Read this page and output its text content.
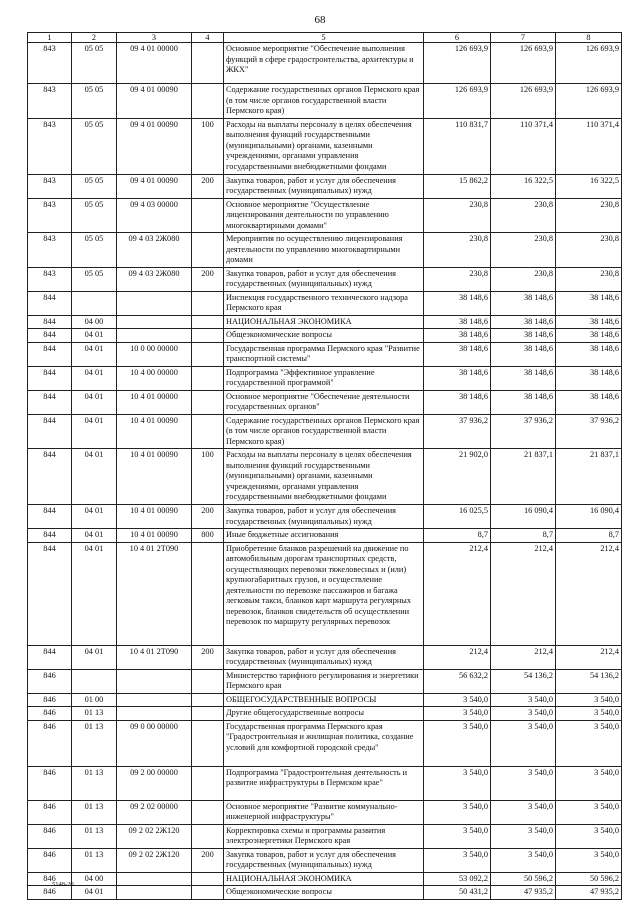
68
1	2	3	4	5	6	7	8
843	05 05	09 4 01 00000		Основное мероприятие "Обеспечение выполнения функций в сфере градостроительства, архитектуры и ЖКХ"	126 693,9	126 693,9	126 693,9
843	05 05	09 4 01 00090		Содержание государственных органов Пермского края (в том числе органов государственной власти Пермского края)	126 693,9	126 693,9	126 693,9
843	05 05	09 4 01 00090	100	Расходы на выплаты персоналу в целях обеспечения выполнения функций государственными (муниципальными) органами, казенными учреждениями, органами управления государственными внебюджетными фондами	110 831,7	110 371,4	110 371,4
843	05 05	09 4 01 00090	200	Закупка товаров, работ и услуг для обеспечения государственных (муниципальных) нужд	15 862,2	16 322,5	16 322,5
843	05 05	09 4 03 00000		Основное мероприятие "Осуществление лицензирования деятельности по управлению многоквартирными домами"	230,8	230,8	230,8
843	05 05	09 4 03 2Ж080		Мероприятия по осуществлению лицензирования деятельности по управлению многоквартирными домами	230,8	230,8	230,8
843	05 05	09 4 03 2Ж080	200	Закупка товаров, работ и услуг для обеспечения государственных (муниципальных) нужд	230,8	230,8	230,8
844				Инспекция государственного технического надзора Пермского края	38 148,6	38 148,6	38 148,6
844	04 00			НАЦИОНАЛЬНАЯ ЭКОНОМИКА	38 148,6	38 148,6	38 148,6
844	04 01			Общеэкономические вопросы	38 148,6	38 148,6	38 148,6
844	04 01	10 0 00 00000		Государственная программа Пермского края "Развитие транспортной системы"	38 148,6	38 148,6	38 148,6
844	04 01	10 4 00 00000		Подпрограмма "Эффективное управление государственной программой"	38 148,6	38 148,6	38 148,6
844	04 01	10 4 01 00000		Основное мероприятие "Обеспечение деятельности государственных органов"	38 148,6	38 148,6	38 148,6
844	04 01	10 4 01 00090		Содержание государственных органов Пермского края (в том числе органов государственной власти Пермского края)	37 936,2	37 936,2	37 936,2
844	04 01	10 4 01 00090	100	Расходы на выплаты персоналу в целях обеспечения выполнения функций государственными (муниципальными) органами, казенными учреждениями, органами управления государственными внебюджетными фондами	21 902,0	21 837,1	21 837,1
844	04 01	10 4 01 00090	200	Закупка товаров, работ и услуг для обеспечения государственных (муниципальных) нужд	16 025,5	16 090,4	16 090,4
844	04 01	10 4 01 00090	800	Иные бюджетные ассигнования	8,7	8,7	8,7
844	04 01	10 4 01 2Т090		Приобретение бланков разрешений на движение по автомобильным дорогам транспортных средств, осуществляющих перевозки тяжеловесных и (или) крупногабаритных грузов, и осуществление деятельности по перевозке пассажиров и багажа легковым такси, бланков карт маршрута регулярных перевозок, бланков свидетельств об осуществлении перевозок по маршруту регулярных перевозок	212,4	212,4	212,4
844	04 01	10 4 01 2Т090	200	Закупка товаров, работ и услуг для обеспечения государственных (муниципальных) нужд	212,4	212,4	212,4
846				Министерство тарифного регулирования и энергетики Пермского края	56 632,2	54 136,2	54 136,2
846	01 00			ОБЩЕГОСУДАРСТВЕННЫЕ ВОПРОСЫ	3 540,0	3 540,0	3 540,0
846	01 13			Другие общегосударственные вопросы	3 540,0	3 540,0	3 540,0
846	01 13	09 0 00 00000		Государственная программа Пермского края "Градостроительная и жилищная политика, создание условий для комфортной городской среды"	3 540,0	3 540,0	3 540,0
846	01 13	09 2 00 00000		Подпрограмма "Градостроительная деятельность и развитие инфраструктуры в Пермском крае"	3 540,0	3 540,0	3 540,0
846	01 13	09 2 02 00000		Основное мероприятие "Развитие коммунально-инженерной инфраструктуры"	3 540,0	3 540,0	3 540,0
846	01 13	09 2 02 2Ж120		Корректировка схемы и программы развития электроэнергетики Пермского края	3 540,0	3 540,0	3 540,0
846	01 13	09 2 02 2Ж120	200	Закупка товаров, работ и услуг для обеспечения государственных (муниципальных) нужд	3 540,0	3 540,0	3 540,0
846	04 00			НАЦИОНАЛЬНАЯ ЭКОНОМИКА	53 092,2	50 596,2	50 596,2
846	04 01			Общеэкономические вопросы	50 431,2	47 935,2	47 935,2
5148-20
